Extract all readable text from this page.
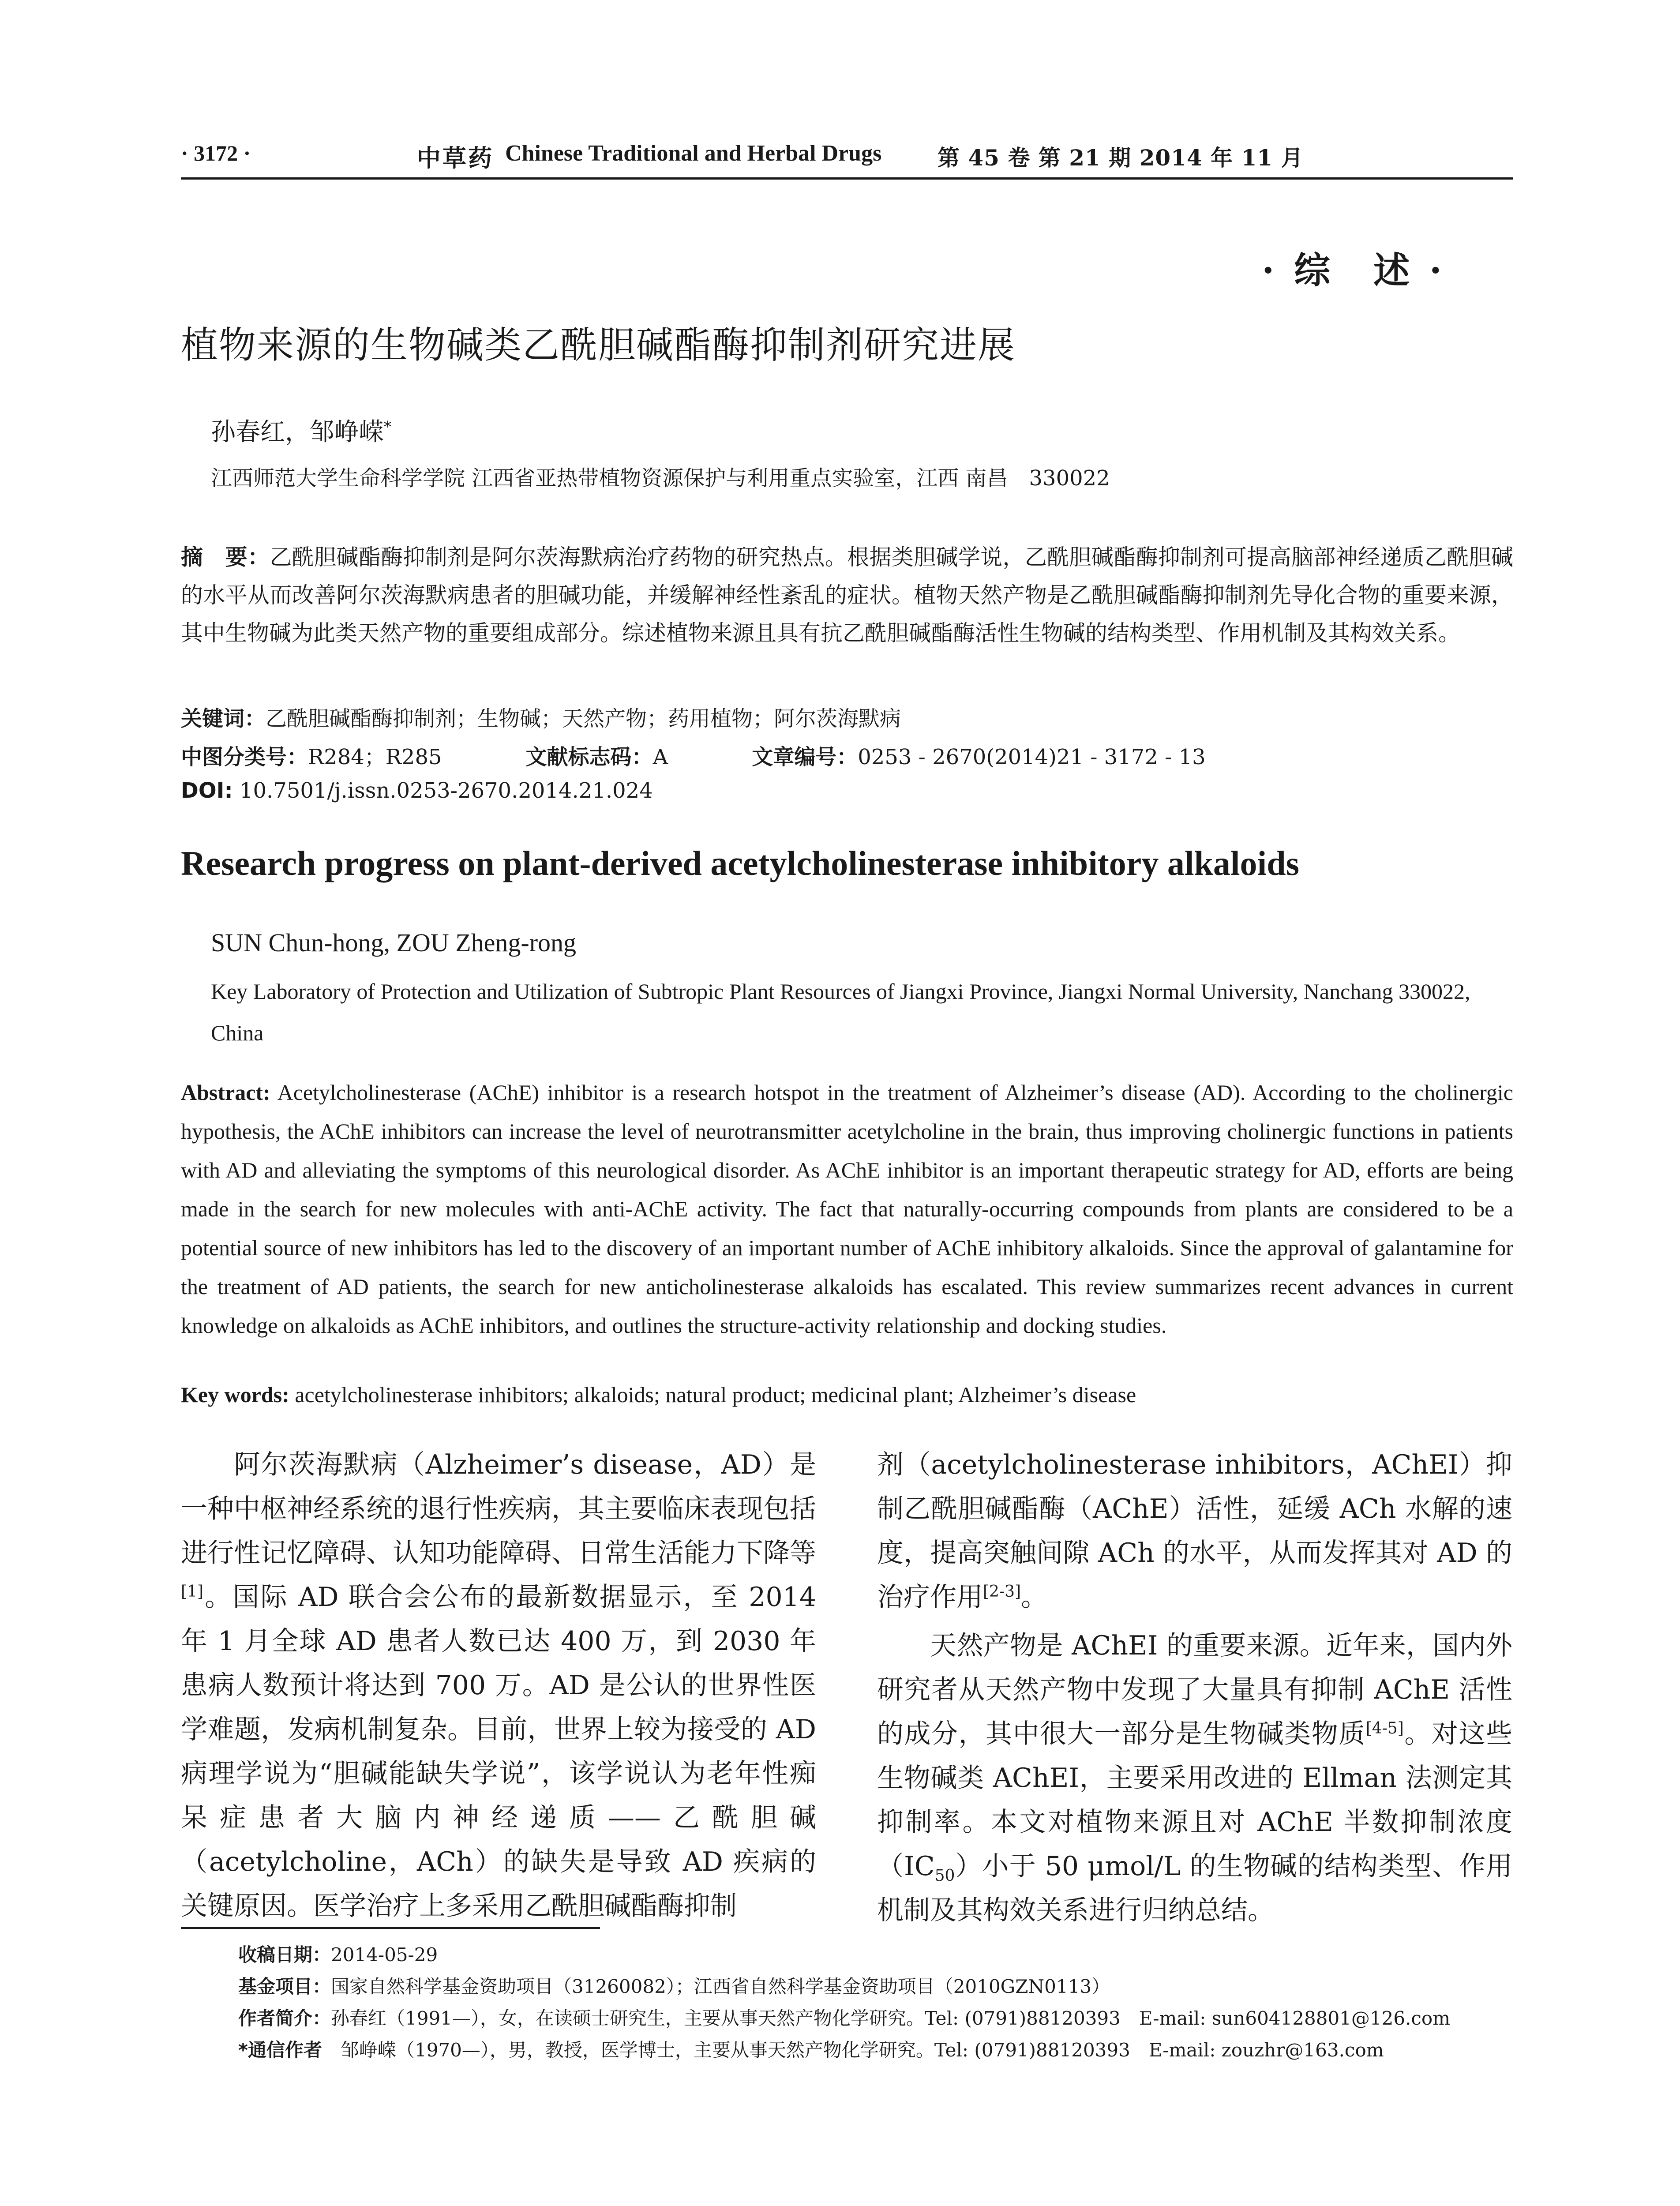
· 3172 ·	中草药 Chinese Traditional and Herbal Drugs	第 45 卷 第 21 期 2014 年 11 月
· 综　述 ·
植物来源的生物碱类乙酰胆碱酯酶抑制剂研究进展
孙春红，邹峥嵘*
江西师范大学生命科学学院 江西省亚热带植物资源保护与利用重点实验室，江西 南昌　330022
摘　要：乙酰胆碱酯酶抑制剂是阿尔茨海默病治疗药物的研究热点。根据类胆碱学说，乙酰胆碱酯酶抑制剂可提高脑部神经递质乙酰胆碱的水平从而改善阿尔茨海默病患者的胆碱功能，并缓解神经性紊乱的症状。植物天然产物是乙酰胆碱酯酶抑制剂先导化合物的重要来源，其中生物碱为此类天然产物的重要组成部分。综述植物来源且具有抗乙酰胆碱酯酶活性生物碱的结构类型、作用机制及其构效关系。
关键词：乙酰胆碱酯酶抑制剂；生物碱；天然产物；药用植物；阿尔茨海默病
中图分类号：R284；R285	文献标志码：A	文章编号：0253 - 2670(2014)21 - 3172 - 13
DOI: 10.7501/j.issn.0253-2670.2014.21.024
Research progress on plant-derived acetylcholinesterase inhibitory alkaloids
SUN Chun-hong, ZOU Zheng-rong
Key Laboratory of Protection and Utilization of Subtropic Plant Resources of Jiangxi Province, Jiangxi Normal University, Nanchang 330022, China
Abstract: Acetylcholinesterase (AChE) inhibitor is a research hotspot in the treatment of Alzheimer’s disease (AD). According to the cholinergic hypothesis, the AChE inhibitors can increase the level of neurotransmitter acetylcholine in the brain, thus improving cholinergic functions in patients with AD and alleviating the symptoms of this neurological disorder. As AChE inhibitor is an important therapeutic strategy for AD, efforts are being made in the search for new molecules with anti-AChE activity. The fact that naturally-occurring compounds from plants are considered to be a potential source of new inhibitors has led to the discovery of an important number of AChE inhibitory alkaloids. Since the approval of galantamine for the treatment of AD patients, the search for new anticholinesterase alkaloids has escalated. This review summarizes recent advances in current knowledge on alkaloids as AChE inhibitors, and outlines the structure-activity relationship and docking studies.
Key words: acetylcholinesterase inhibitors; alkaloids; natural product; medicinal plant; Alzheimer’s disease

阿尔茨海默病（Alzheimer’s disease，AD）是一种中枢神经系统的退行性疾病，其主要临床表现包括进行性记忆障碍、认知功能障碍、日常生活能力下降等[1]。国际 AD 联合会公布的最新数据显示，至 2014 年 1 月全球 AD 患者人数已达 400 万，到 2030 年患病人数预计将达到 700 万。AD 是公认的世界性医学难题，发病机制复杂。目前，世界上较为接受的 AD 病理学说为“胆碱能缺失学说”，该学说认为老年性痴呆症患者大脑内神经递质——乙酰胆碱（acetylcholine，ACh）的缺失是导致 AD 疾病的关键原因。医学治疗上多采用乙酰胆碱酯酶抑制

剂（acetylcholinesterase inhibitors，AChEI）抑制乙酰胆碱酯酶（AChE）活性，延缓 ACh 水解的速度，提高突触间隙 ACh 的水平，从而发挥其对 AD 的治疗作用[2-3]。

天然产物是 AChEI 的重要来源。近年来，国内外研究者从天然产物中发现了大量具有抑制 AChE 活性的成分，其中很大一部分是生物碱类物质[4-5]。对这些生物碱类 AChEI，主要采用改进的 Ellman 法测定其抑制率。本文对植物来源且对 AChE 半数抑制浓度$(IC_{50})$小于 50 μmol/L 的生物碱的结构类型、作用机制及其构效关系进行归纳总结。

收稿日期：2014-05-29
基金项目：国家自然科学基金资助项目（31260082）；江西省自然科学基金资助项目（2010GZN0113）
作者简介：孙春红（1991—），女，在读硕士研究生，主要从事天然产物化学研究。Tel: (0791)88120393　E-mail: sun604128801@126.com
*通信作者　邹峥嵘（1970—），男，教授，医学博士，主要从事天然产物化学研究。Tel: (0791)88120393　E-mail: zouzhr@163.com
